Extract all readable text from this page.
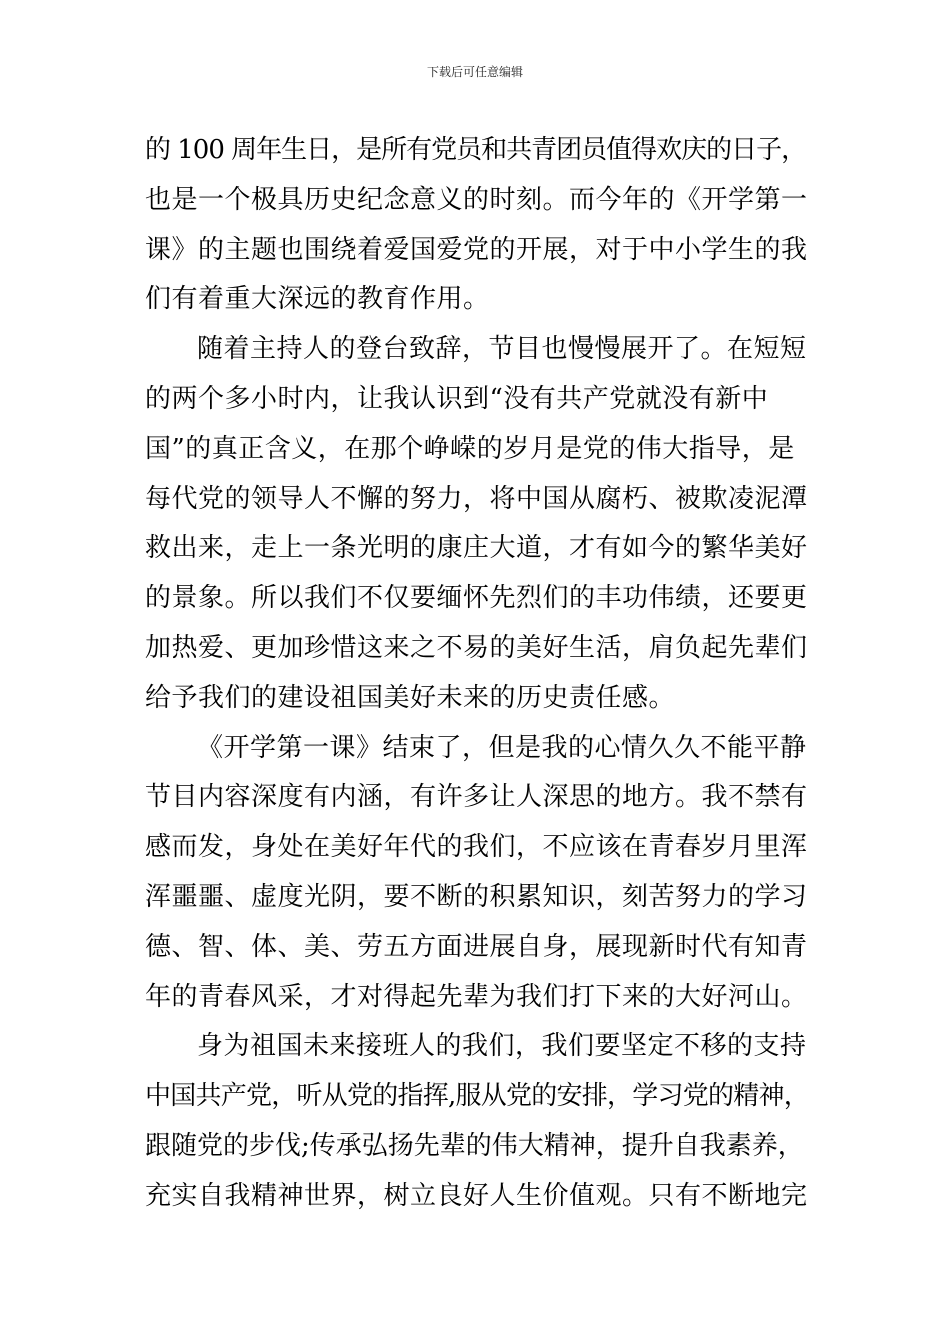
下载后可任意编辑
的 100 周年生日，是所有党员和共青团员值得欢庆的日子，
也是一个极具历史纪念意义的时刻。而今年的《开学第一
课》的主题也围绕着爱国爱党的开展，对于中小学生的我
们有着重大深远的教育作用。
随着主持人的登台致辞，节目也慢慢展开了。在短短
的两个多小时内，让我认识到“没有共产党就没有新中
国”的真正含义，在那个峥嵘的岁月是党的伟大指导，是
每代党的领导人不懈的努力，将中国从腐朽、被欺凌泥潭
救出来，走上一条光明的康庄大道，才有如今的繁华美好
的景象。所以我们不仅要缅怀先烈们的丰功伟绩，还要更
加热爱、更加珍惜这来之不易的美好生活，肩负起先辈们
给予我们的建设祖国美好未来的历史责任感。
《开学第一课》结束了，但是我的心情久久不能平静
节目内容深度有内涵，有许多让人深思的地方。我不禁有
感而发，身处在美好年代的我们，不应该在青春岁月里浑
浑噩噩、虚度光阴，要不断的积累知识，刻苦努力的学习
德、智、体、美、劳五方面进展自身，展现新时代有知青
年的青春风采，才对得起先辈为我们打下来的大好河山。
身为祖国未来接班人的我们，我们要坚定不移的支持
中国共产党，听从党的指挥,服从党的安排，学习党的精神，
跟随党的步伐;传承弘扬先辈的伟大精神，提升自我素养，
充实自我精神世界，树立良好人生价值观。只有不断地完
